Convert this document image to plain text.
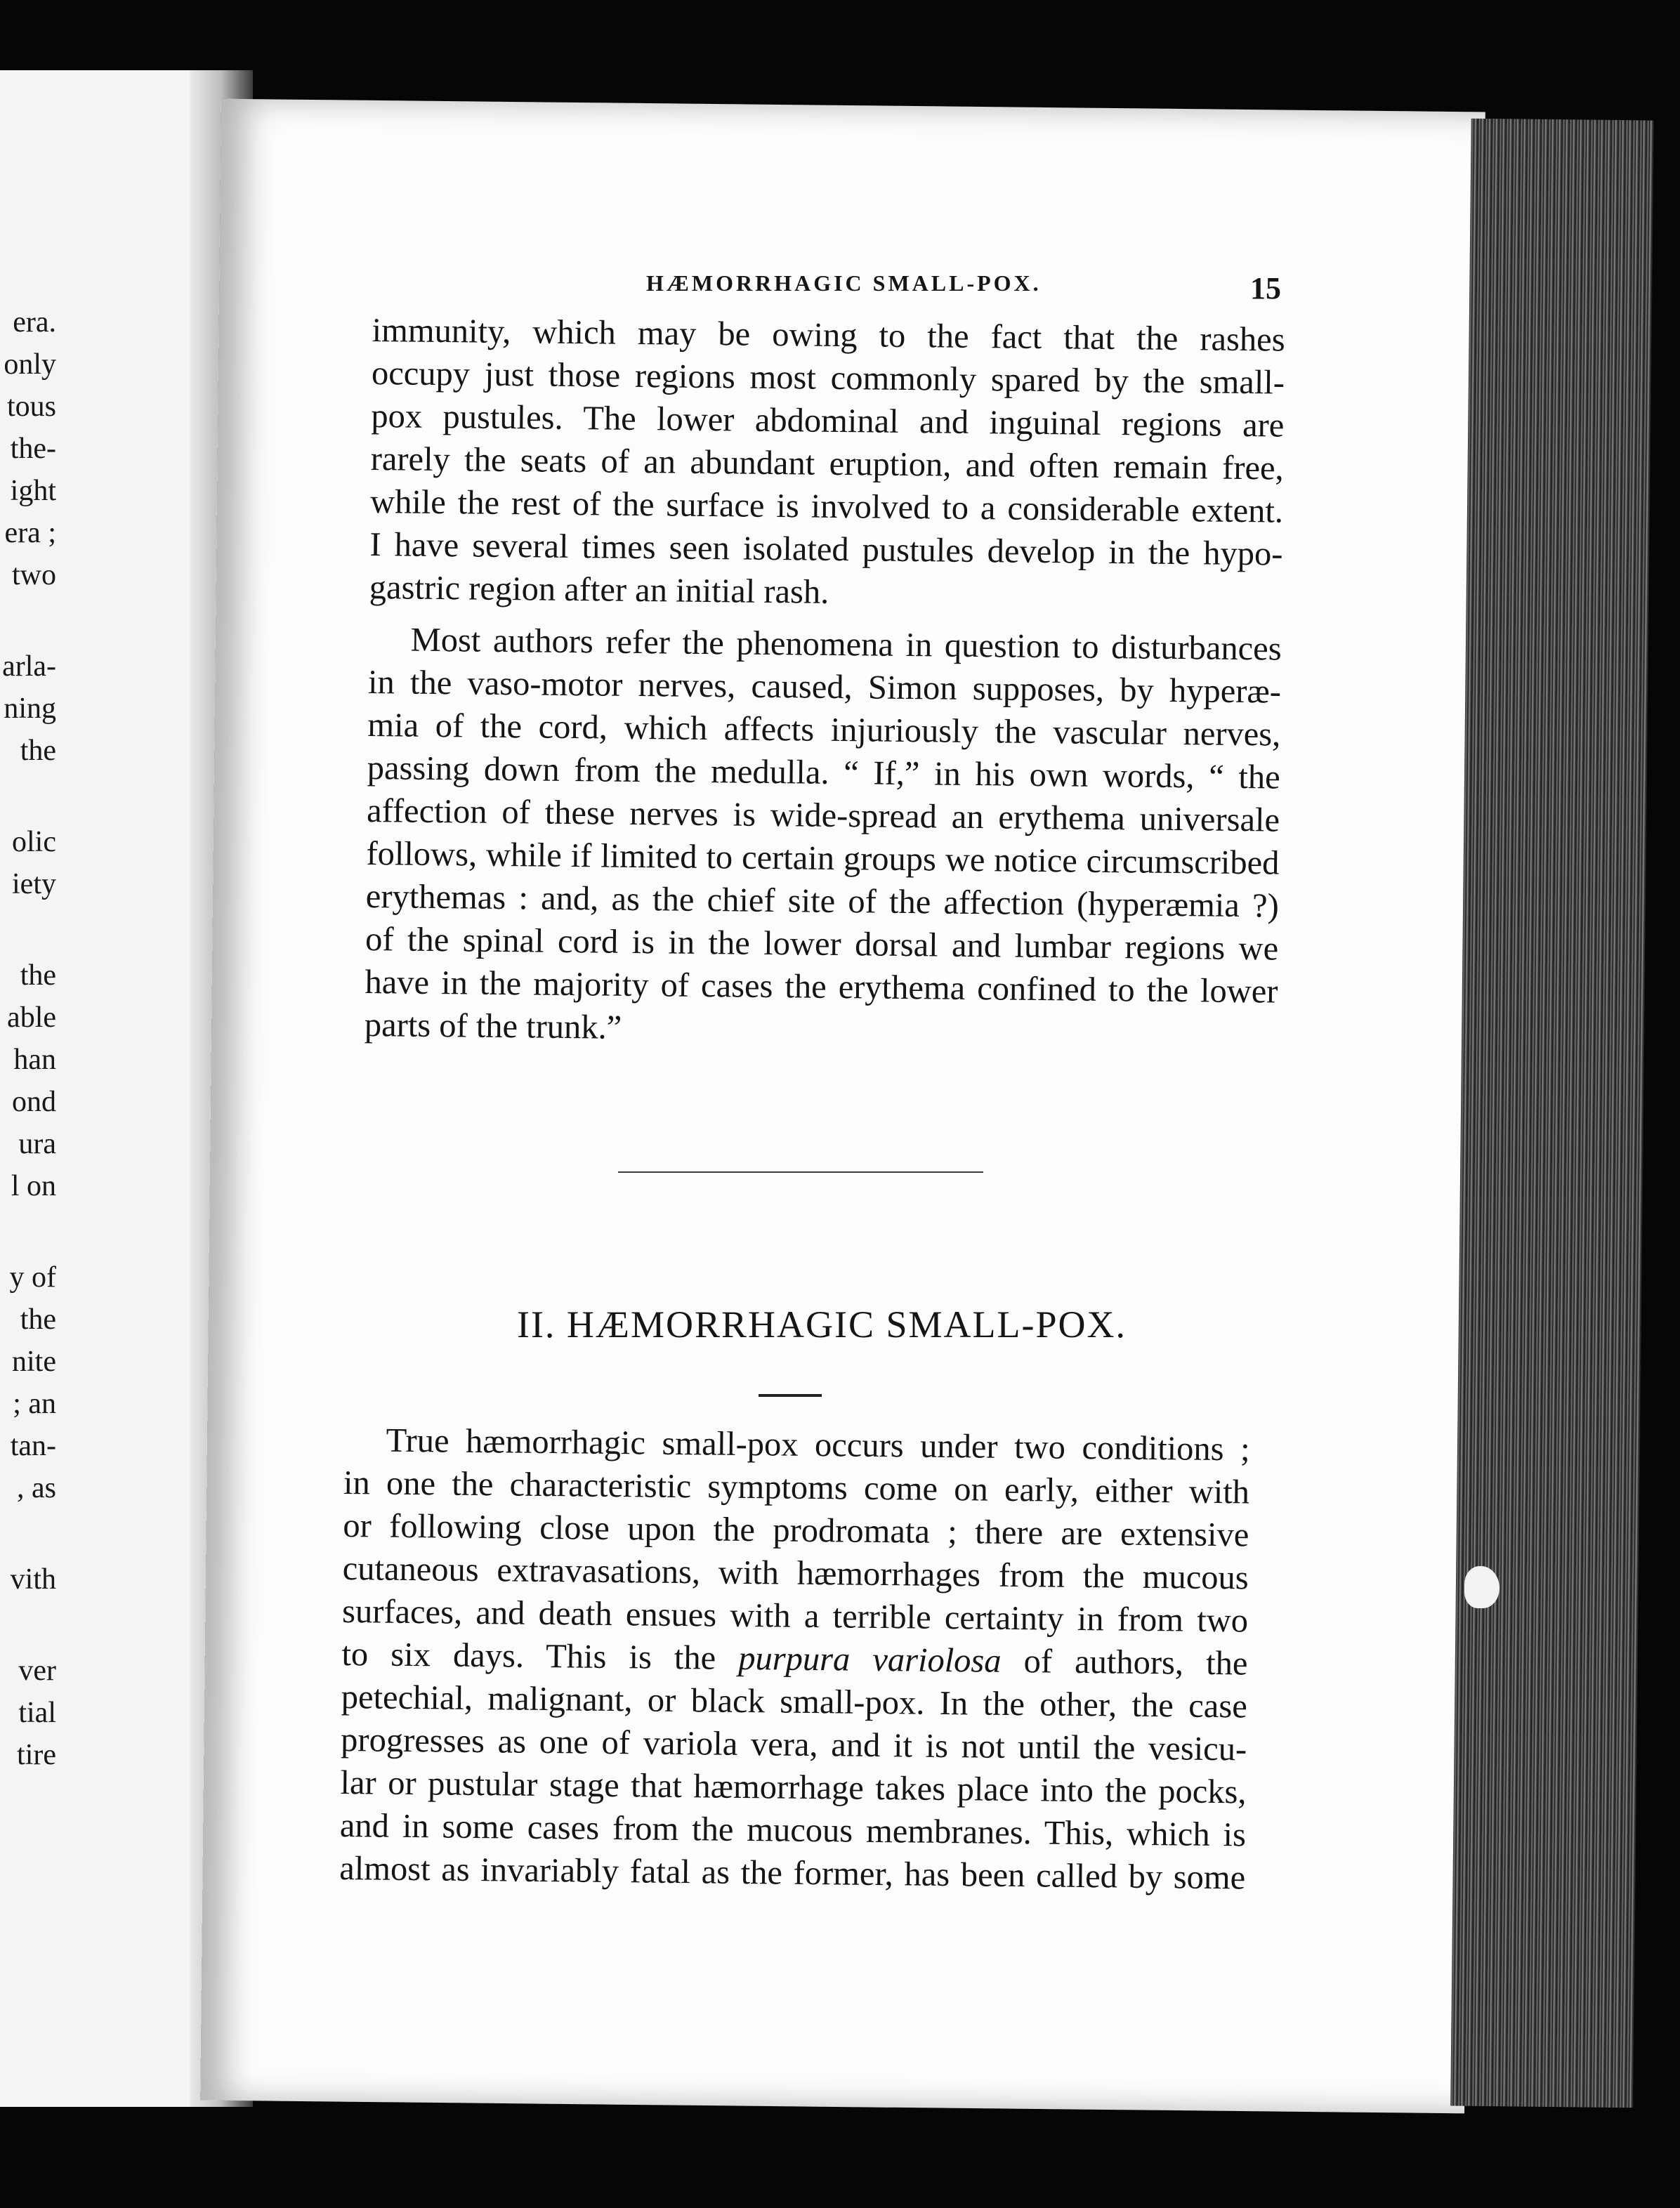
era.
only
tous
the-
ight
era ;
two
arla-
ning
the
olic
iety
the
able
han
ond
ura
l on
y of
the
nite
; an
tan-
, as
vith
ver
tial
tire
HÆMORRHAGIC SMALL-POX.	15
immunity, which may be owing to the fact that the rashes
occupy just those regions most commonly spared by the small-
pox pustules. The lower abdominal and inguinal regions are
rarely the seats of an abundant eruption, and often remain free,
while the rest of the surface is involved to a considerable extent.
I have several times seen isolated pustules develop in the hypo-
gastric region after an initial rash.
Most authors refer the phenomena in question to disturbances
in the vaso-motor nerves, caused, Simon supposes, by hyperæ-
mia of the cord, which affects injuriously the vascular nerves,
passing down from the medulla. “ If,” in his own words, “ the
affection of these nerves is wide-spread an erythema universale
follows, while if limited to certain groups we notice circumscribed
erythemas : and, as the chief site of the affection (hyperæmia ?)
of the spinal cord is in the lower dorsal and lumbar regions we
have in the majority of cases the erythema confined to the lower
parts of the trunk.”
II. HÆMORRHAGIC SMALL-POX.
True hæmorrhagic small-pox occurs under two conditions ;
in one the characteristic symptoms come on early, either with
or following close upon the prodromata ; there are extensive
cutaneous extravasations, with hæmorrhages from the mucous
surfaces, and death ensues with a terrible certainty in from two
to six days. This is the purpura variolosa of authors, the
petechial, malignant, or black small-pox. In the other, the case
progresses as one of variola vera, and it is not until the vesicu-
lar or pustular stage that hæmorrhage takes place into the pocks,
and in some cases from the mucous membranes. This, which is
almost as invariably fatal as the former, has been called by some
